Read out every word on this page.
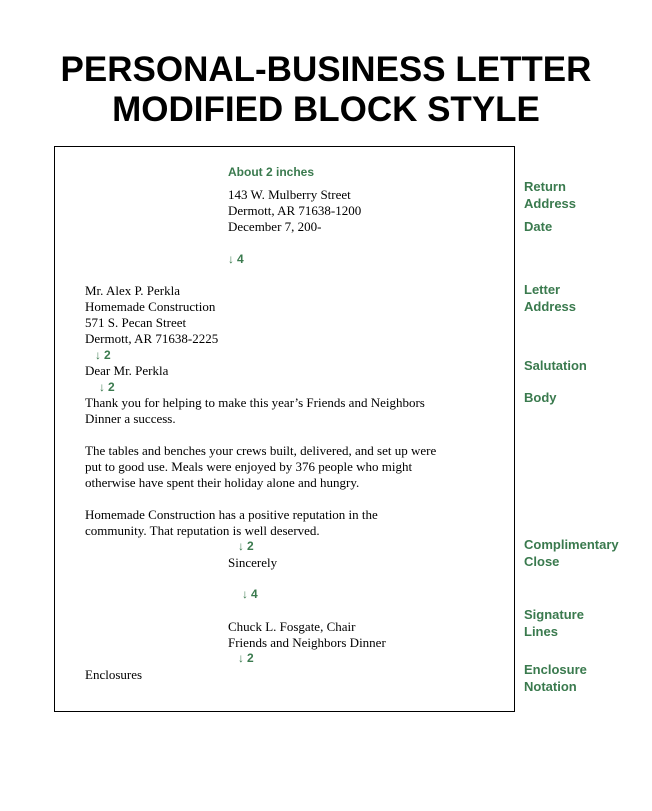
PERSONAL-BUSINESS LETTER
MODIFIED BLOCK STYLE
About 2 inches
143 W. Mulberry Street
Dermott, AR 71638-1200
December 7, 200-
↓ 4
Mr. Alex P. Perkla
Homemade Construction
571 S. Pecan Street
Dermott, AR 71638-2225
↓ 2
Dear Mr. Perkla
↓ 2
Thank you for helping to make this year’s Friends and Neighbors
Dinner a success.
The tables and benches your crews built, delivered, and set up were
put to good use. Meals were enjoyed by 376 people who might
otherwise have spent their holiday alone and hungry.
Homemade Construction has a positive reputation in the
community. That reputation is well deserved.
↓ 2
Sincerely
↓ 4
Chuck L. Fosgate, Chair
Friends and Neighbors Dinner
↓ 2
Enclosures
Return
Address
Date
Letter
Address
Salutation
Body
Complimentary
Close
Signature
Lines
Enclosure
Notation
